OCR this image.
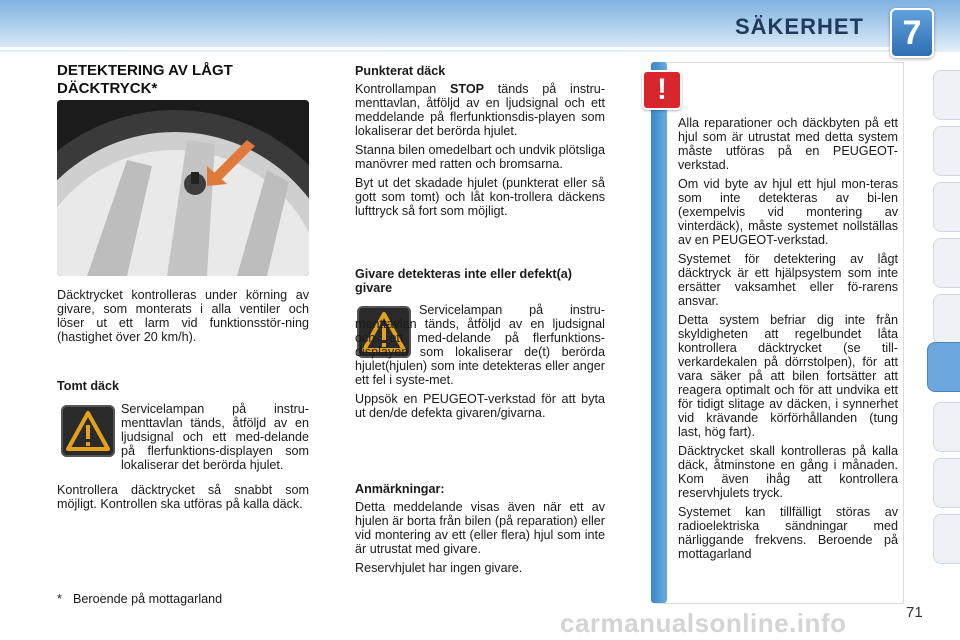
SÄKERHET	7
DETEKTERING AV LÅGT DÄCKTRYCK*

Däcktrycket kontrolleras under körning av givare, som monterats i alla ventiler och löser ut ett larm vid funktionsstör-ning (hastighet över 20 km/h).

Tomt däck

Servicelampan på instru-menttavlan tänds, åtföljd av en ljudsignal och ett med-delande på flerfunktions-displayen som lokaliserar det berörda hjulet.

Kontrollera däcktrycket så snabbt som möjligt. Kontrollen ska utföras på kalla däck.

* Beroende på mottagarland
Punkterat däck

Kontrollampan STOP tänds på instru-menttavlan, åtföljd av en ljudsignal och ett meddelande på flerfunktionsdis-playen som lokaliserar det berörda hjulet.

Stanna bilen omedelbart och undvik plötsliga manövrer med ratten och bromsarna.

Byt ut det skadade hjulet (punkterat eller så gott som tomt) och låt kon-trollera däckens lufttryck så fort som möjligt.

Givare detekteras inte eller defekt(a) givare

Servicelampan på instru-menttavlan tänds, åtföljd av en ljudsignal och ett med-delande på flerfunktions-displayen som lokaliserar de(t) berörda hjulet(hjulen) som inte detekteras eller anger ett fel i syste-met.

Uppsök en PEUGEOT-verkstad för att byta ut den/de defekta givaren/givarna.

Anmärkningar:

Detta meddelande visas även när ett av hjulen är borta från bilen (på reparation) eller vid montering av ett (eller flera) hjul som inte är utrustat med givare.

Reservhjulet har ingen givare.

!

Alla reparationer och däckbyten på ett hjul som är utrustat med detta system måste utföras på en PEUGEOT-verkstad.

Om vid byte av hjul ett hjul mon-teras som inte detekteras av bi-len (exempelvis vid montering av vinterdäck), måste systemet nollställas av en PEUGEOT-verkstad.

Systemet för detektering av lågt däcktryck är ett hjälpsystem som inte ersätter vaksamhet eller fö-rarens ansvar.

Detta system befriar dig inte från skyldigheten att regelbundet låta kontrollera däcktrycket (se till-verkardekalen på dörrstolpen), för att vara säker på att bilen fortsätter att reagera optimalt och för att undvika ett för tidigt slitage av däcken, i synnerhet vid krävande körförhållanden (tung last, hög fart).

Däcktrycket skall kontrolleras på kalla däck, åtminstone en gång i månaden. Kom även ihåg att kontrollera reservhjulets tryck.

Systemet kan tillfälligt störas av radioelektriska sändningar med närliggande frekvens. Beroende på mottagarland

carmanualsonline.info	71
